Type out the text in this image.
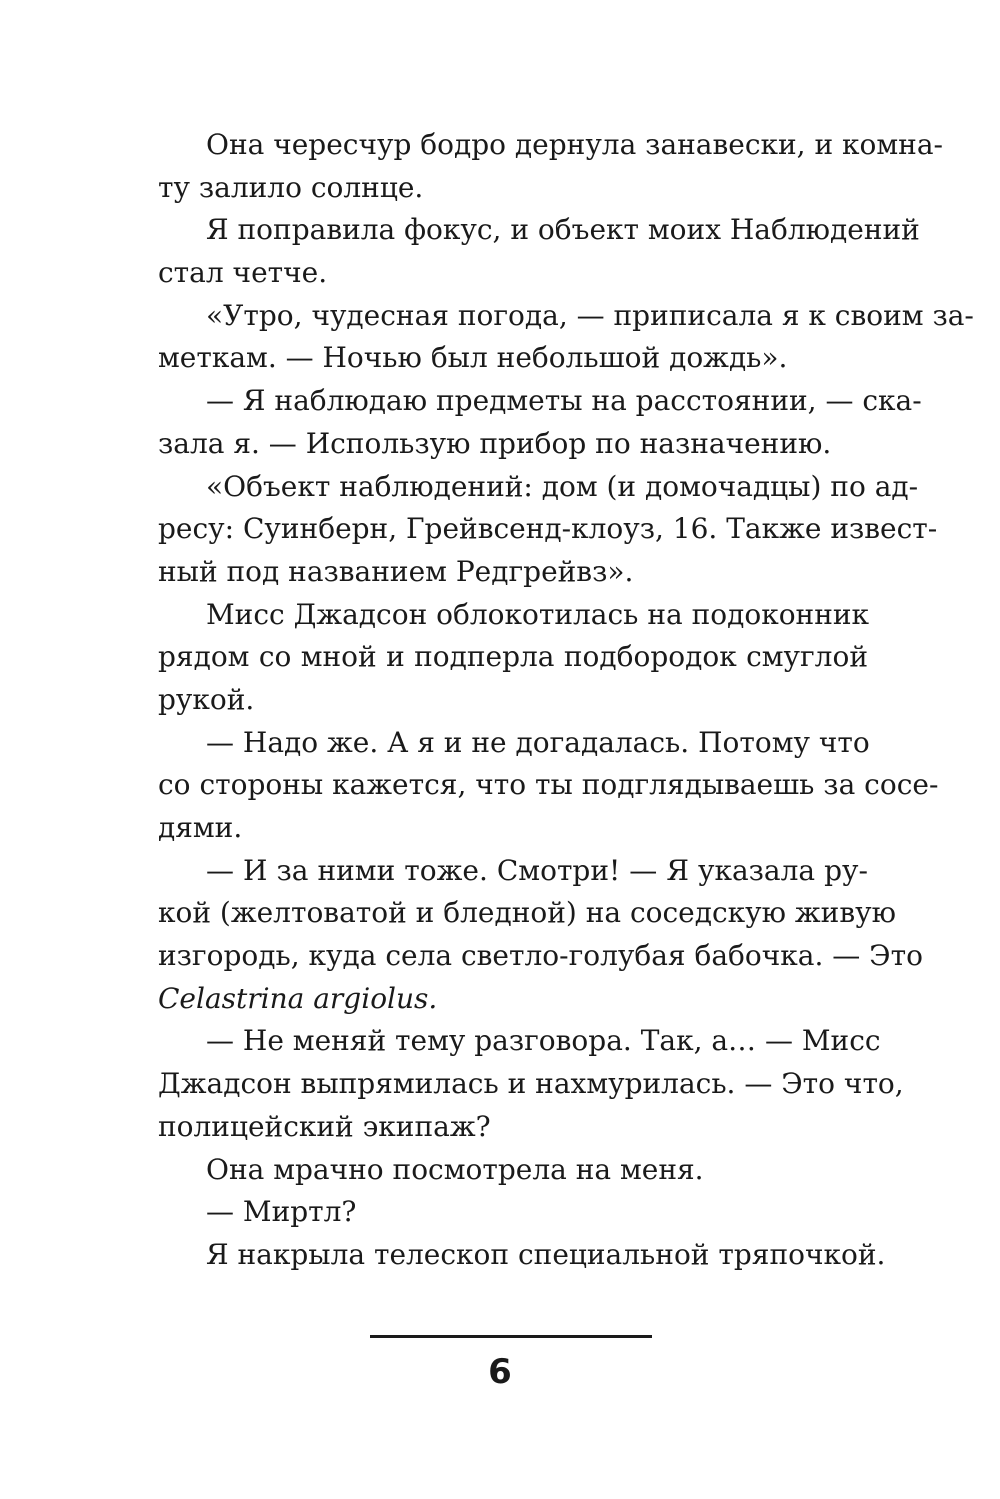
Она чересчур бодро дернула занавески, и комна-
ту залило солнце.
Я поправила фокус, и объект моих Наблюдений
стал четче.
«Утро, чудесная погода, — приписала я к своим за-
меткам. — Ночью был небольшой дождь».
— Я наблюдаю предметы на расстоянии, — ска-
зала я. — Использую прибор по назначению.
«Объект наблюдений: дом (и домочадцы) по ад-
ресу: Суинберн, Грейвсенд-клоуз, 16. Также извест-
ный под названием Редгрейвз».
Мисс Джадсон облокотилась на подоконник
рядом со мной и подперла подбородок смуглой
рукой.
— Надо же. А я и не догадалась. Потому что
со стороны кажется, что ты подглядываешь за сосе-
дями.
— И за ними тоже. Смотри! — Я указала ру-
кой (желтоватой и бледной) на соседскую живую
изгородь, куда села светло-голубая бабочка. — Это
Celastrina argiolus.
— Не меняй тему разговора. Так, а… — Мисс
Джадсон выпрямилась и нахмурилась. — Это что,
полицейский экипаж?
Она мрачно посмотрела на меня.
— Миртл?
Я накрыла телескоп специальной тряпочкой.
6
